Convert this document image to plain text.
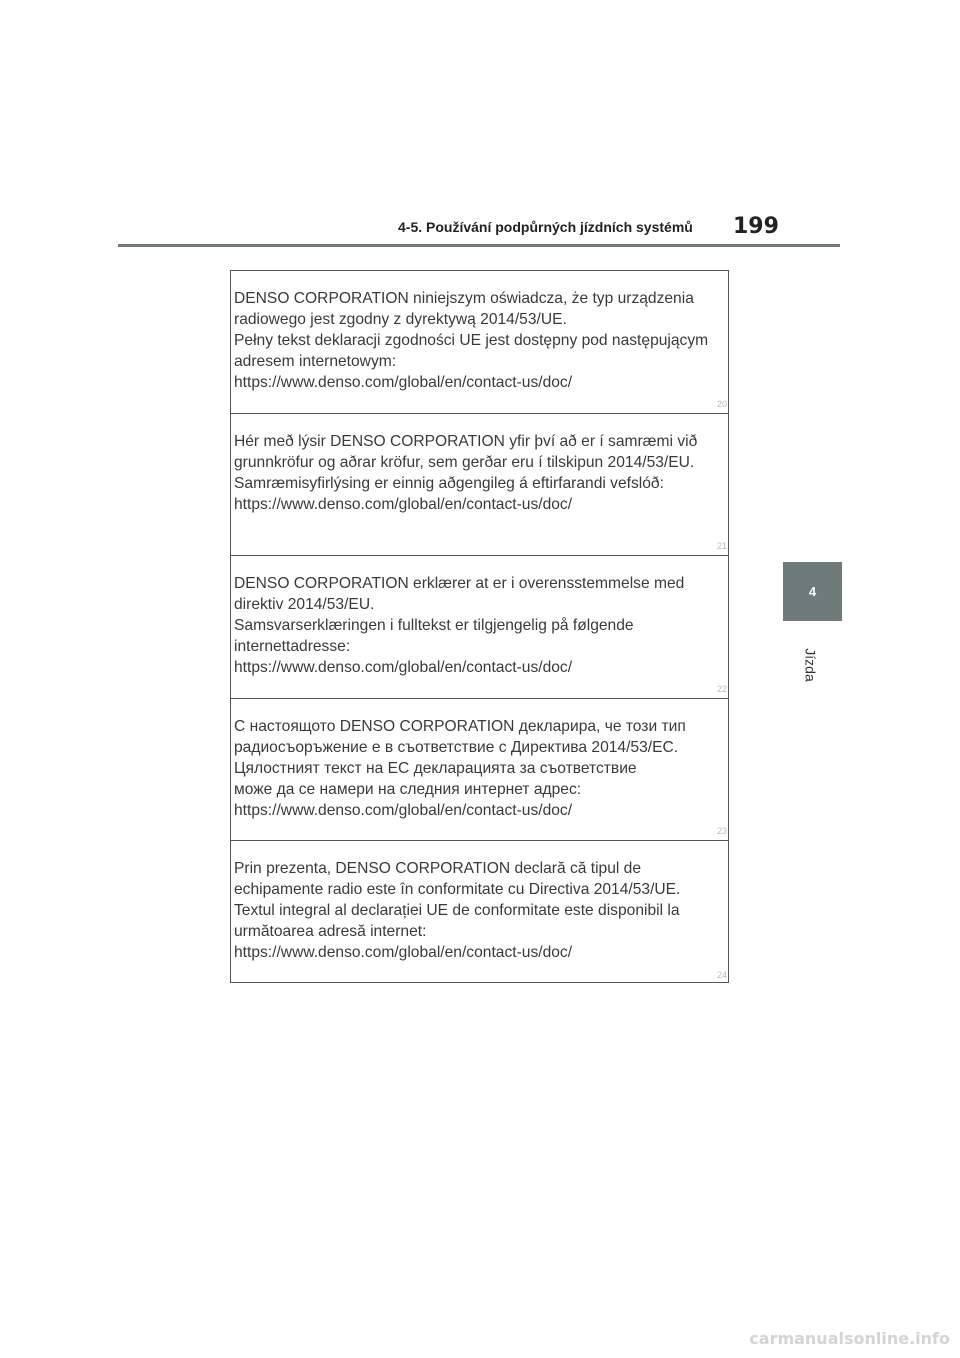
4-5. Používání podpůrných jízdních systémů 199
4
Jízda
DENSO CORPORATION niniejszym oświadcza, że typ urządzenia
radiowego jest zgodny z dyrektywą 2014/53/UE.
Pełny tekst deklaracji zgodności UE jest dostępny pod następującym
adresem internetowym:
https://www.denso.com/global/en/contact-us/doc/
20
Hér með lýsir DENSO CORPORATION yfir því að er í samræmi við
grunnkröfur og aðrar kröfur, sem gerðar eru í tilskipun 2014/53/EU.
Samræmisyfirlýsing er einnig aðgengileg á eftirfarandi vefslóð:
https://www.denso.com/global/en/contact-us/doc/
21
DENSO CORPORATION erklærer at er i overensstemmelse med
direktiv 2014/53/EU.
Samsvarserklæringen i fulltekst er tilgjengelig på følgende
internettadresse:
https://www.denso.com/global/en/contact-us/doc/
22
С настоящото DENSO CORPORATION декларира, че този тип
радиосъоръжение е в съответствие с Директива 2014/53/ЕС.
Цялостният текст на ЕС декларацията за съответствие
може да се намери на следния интернет адрес:
https://www.denso.com/global/en/contact-us/doc/
23
Prin prezenta, DENSO CORPORATION declară că tipul de
echipamente radio este în conformitate cu Directiva 2014/53/UE.
Textul integral al declarației UE de conformitate este disponibil la
următoarea adresă internet:
https://www.denso.com/global/en/contact-us/doc/
24
carmanualsonline.info
